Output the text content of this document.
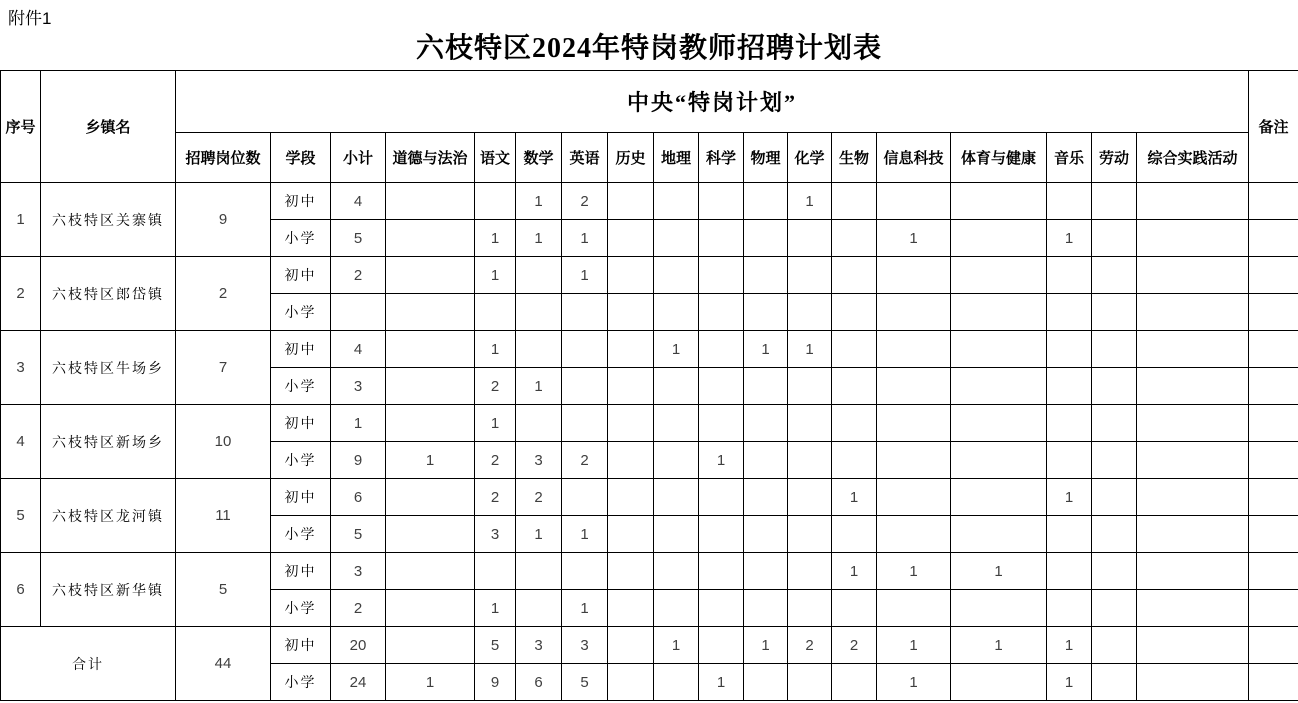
附件1
六枝特区2024年特岗教师招聘计划表
序号	乡镇名	中央“特岗计划”																		备注
		招聘岗位数	学段	小计	道德与法治	语文	数学	英语	历史	地理	科学	物理	化学	生物	信息科技	体育与健康	音乐	劳动	综合实践活动	
1	六枝特区关寨镇	9	初中	4			1	2					1							
			小学	5		1	1	1							1		1			
2	六枝特区郎岱镇	2	初中	2		1		1												
			小学																	
3	六枝特区牛场乡	7	初中	4		1				1		1	1							
			小学	3		2	1													
4	六枝特区新场乡	10	初中	1		1														
			小学	9	1	2	3	2			1									
5	六枝特区龙河镇	11	初中	6		2	2							1			1			
			小学	5		3	1	1												
6	六枝特区新华镇	5	初中	3										1	1	1				
			小学	2		1		1												
合计		44	初中	20		5	3	3		1		1	2	2	1	1	1			
			小学	24	1	9	6	5			1				1		1			
